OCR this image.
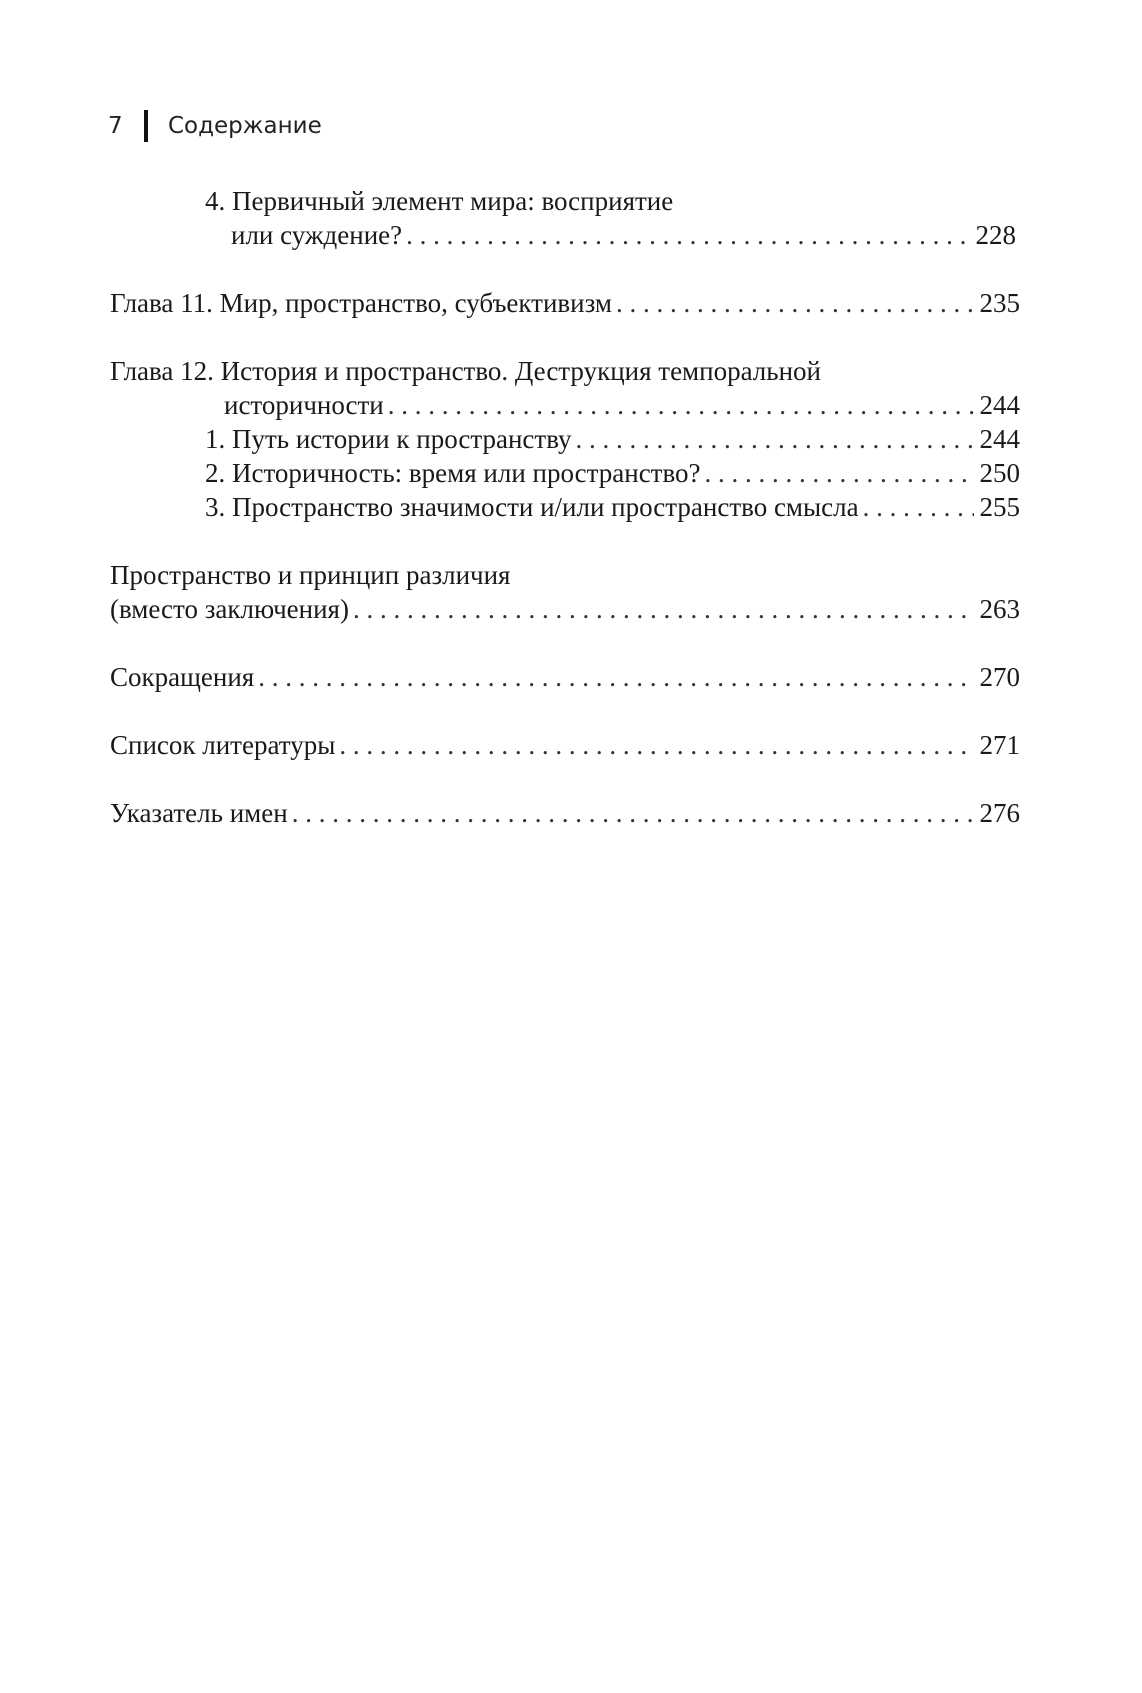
7	Содержание
4. Первичный элемент мира: восприятие
или суждение? . . .	228
Глава 11. Мир, пространство, субъективизм . . .	235
Глава 12. История и пространство. Деструкция темпоральной
историчности . . .	244
1. Путь истории к пространству . . .	244
2. Историчность: время или пространство? . . .	250
3. Пространство значимости и/или пространство смысла . . .	255
Пространство и принцип различия
(вместо заключения) . . .	263
Сокращения . . .	270
Список литературы . . .	271
Указатель имен . . .	276
